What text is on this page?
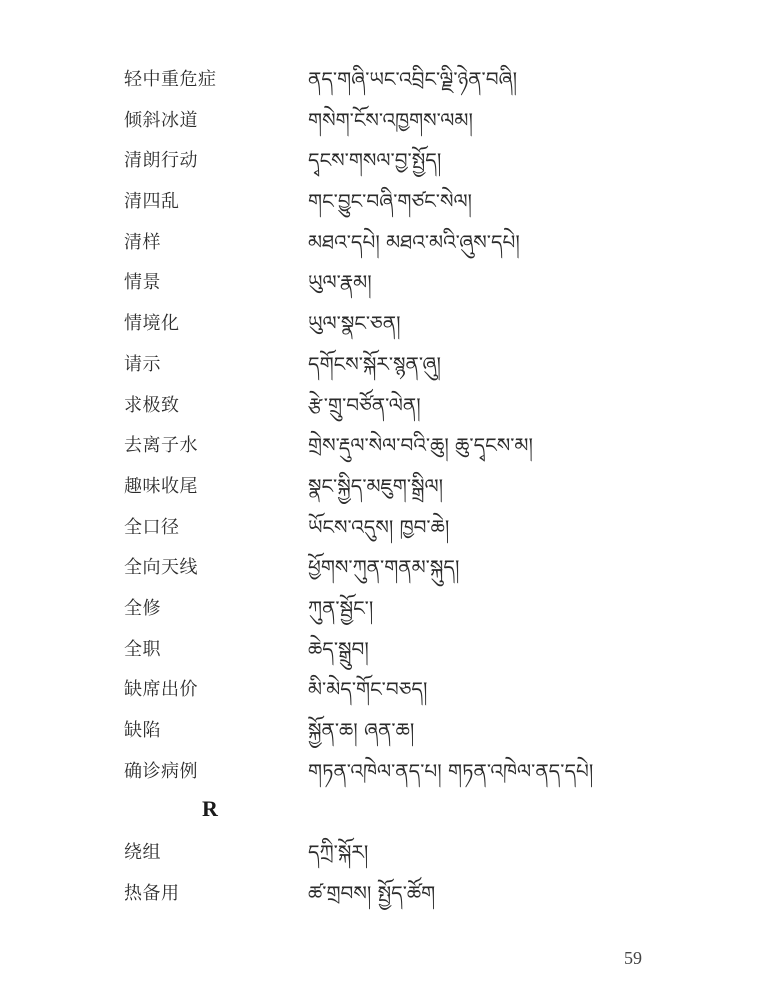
轻中重危症	ནད་གཞི་ཡང་འབྲིང་ལྗི་ཉེན་བཞི།
倾斜冰道	གསེག་ངོས་འཁྱགས་ལམ།
清朗行动	དྭངས་གསལ་བྱ་སྤྱོད།
清四乱	གང་བྱུང་བཞི་གཙང་སེལ།
清样	མཐའ་དཔེ། མཐའ་མའི་ཞུས་དཔེ།
情景	ཡུལ་རྣམ།
情境化	ཡུལ་སྣང་ཅན།
请示	དགོངས་སྐོར་སྙན་ཞུ།
求极致	རྩེ་གྲུ་བཙོན་ལེན།
去离子水	གྲེས་རྡུལ་སེལ་བའི་ཆུ། ཆུ་དྭངས་མ།
趣味收尾	སྣང་སྐྱིད་མཇུག་སྒྲིལ།
全口径	ཡོངས་འདུས། ཁྱབ་ཆེ།
全向天线	ཕྱོགས་ཀུན་གནམ་སྐུད།
全修	ཀུན་སྦྱོང་།
全职	ཆེད་སྒྲུབ།
缺席出价	མི་མེད་གོང་བཅད།
缺陷	སྐྱོན་ཆ། ཞན་ཆ།
确诊病例	གཏན་འཁེལ་ནད་པ། གཏན་འཁེལ་ནད་དཔེ།
R
绕组	དཀྲི་སྐོར།
热备用	ཚ་གྲབས། སྤྱོད་ཚོག
59
